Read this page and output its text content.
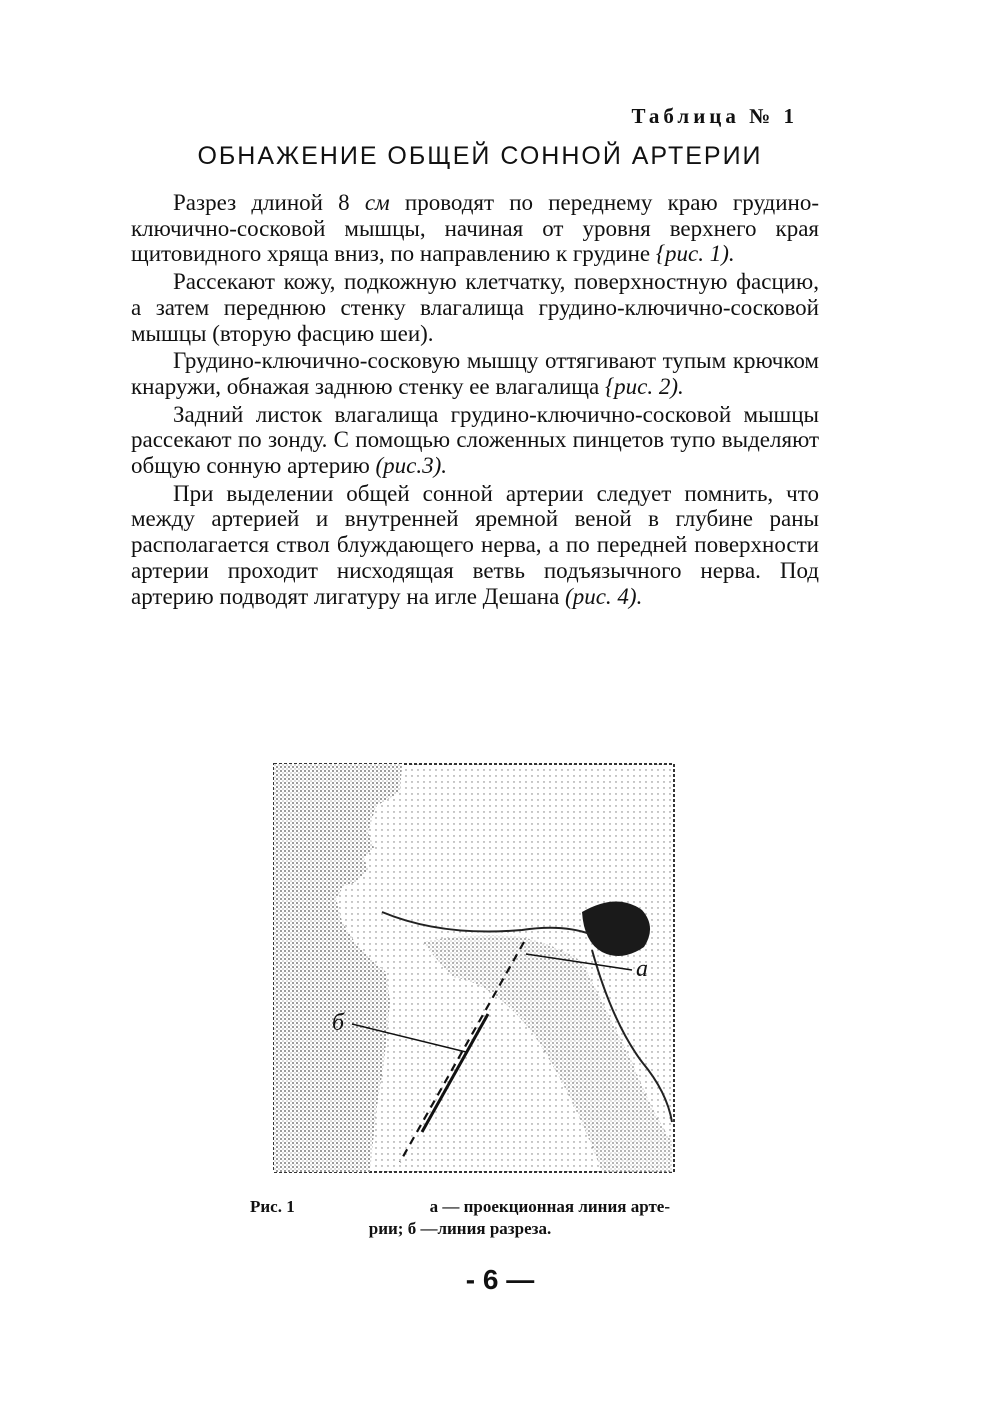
Таблица № 1
ОБНАЖЕНИЕ ОБЩЕЙ СОННОЙ АРТЕРИИ

Разрез длиной 8 см проводят по переднему краю грудино-ключично-сосковой мышцы, начиная от уровня верхнего края щитовидного хряща вниз, по направлению к грудине {рис. 1).

Рассекают кожу, подкожную клетчатку, поверхностную фасцию, а затем переднюю стенку влагалища грудино-ключично-сосковой мышцы (вторую фасцию шеи).

Грудино-ключично-сосковую мышцу оттягивают тупым крючком кнаружи, обнажая заднюю стенку ее влагалища {рис. 2).

Задний листок влагалища грудино-ключично-сосковой мышцы рассекают по зонду. С помощью сложенных пинцетов тупо выделяют общую сонную артерию (рис.3).

При выделении общей сонной артерии следует помнить, что между артерией и внутренней яремной веной в глубине раны располагается ствол блуждающего нерва, а по передней поверхности артерии проходит нисходящая ветвь подъязычного нерва. Под артерию подводят лигатуру на игле Дешана (рис. 4).

а
б
Рис. 1	а — проекционная линия арте-
рии; б —линия разреза.
- 6 —
